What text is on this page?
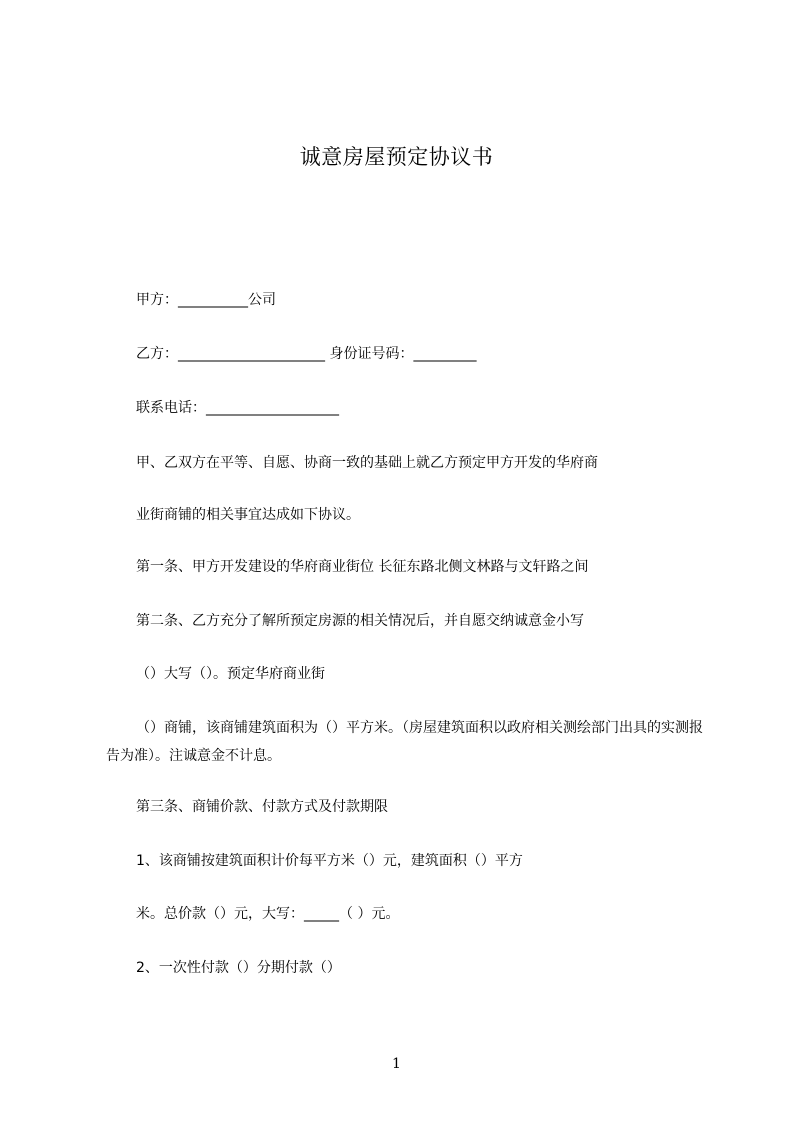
诚意房屋预定协议书
甲方：__________公司
乙方：_____________________ 身份证号码：_________
联系电话：___________________
甲、乙双方在平等、自愿、协商一致的基础上就乙方预定甲方开发的华府商
业街商铺的相关事宜达成如下协议。
第一条、甲方开发建设的华府商业街位 长征东路北侧文林路与文轩路之间
第二条、乙方充分了解所预定房源的相关情况后，并自愿交纳诚意金小写
（）大写（）。预定华府商业街
（）商铺，该商铺建筑面积为（）平方米。（房屋建筑面积以政府相关测绘部门出具的实测报告为准）。注诚意金不计息。
第三条、商铺价款、付款方式及付款期限
1、该商铺按建筑面积计价每平方米（）元，建筑面积（）平方
米。总价款（）元，大写：_____（ ）元。
2、一次性付款（）分期付款（）
1
